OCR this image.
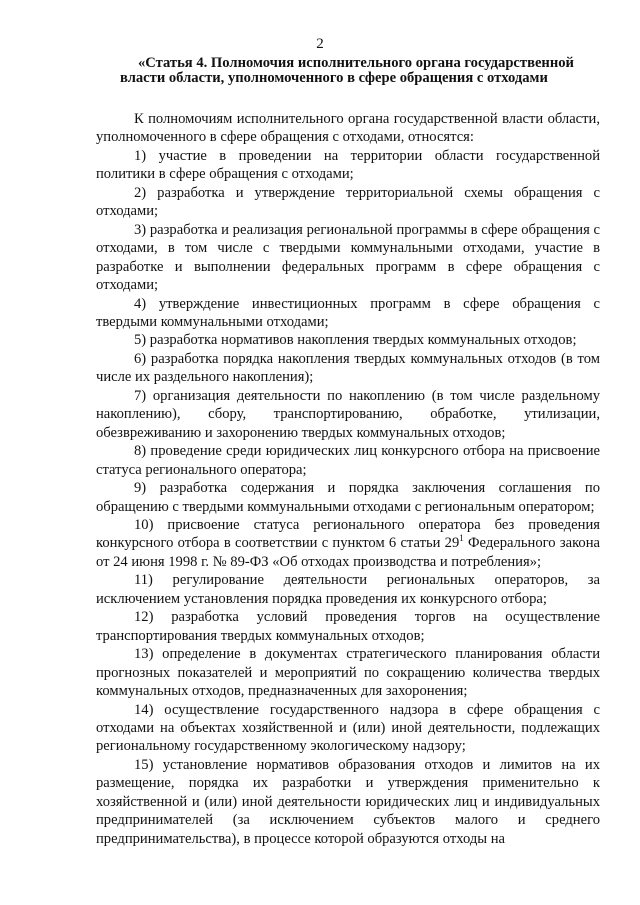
2
«Статья 4. Полномочия исполнительного органа государственной власти области, уполномоченного в сфере обращения с отходами

К полномочиям исполнительного органа государственной власти области, уполномоченного в сфере обращения с отходами, относятся:

1) участие в проведении на территории области государственной политики в сфере обращения с отходами;

2) разработка и утверждение территориальной схемы обращения с отходами;

3) разработка и реализация региональной программы в сфере обращения с отходами, в том числе с твердыми коммунальными отходами, участие в разработке и выполнении федеральных программ в сфере обращения с отходами;

4) утверждение инвестиционных программ в сфере обращения с твердыми коммунальными отходами;

5) разработка нормативов накопления твердых коммунальных отходов;

6) разработка порядка накопления твердых коммунальных отходов (в том числе их раздельного накопления);

7) организация деятельности по накоплению (в том числе раздельному накоплению), сбору, транспортированию, обработке, утилизации, обезвреживанию и захоронению твердых коммунальных отходов;

8) проведение среди юридических лиц конкурсного отбора на присвоение статуса регионального оператора;

9) разработка содержания и порядка заключения соглашения по обращению с твердыми коммунальными отходами с региональным оператором;

10) присвоение статуса регионального оператора без проведения конкурсного отбора в соответствии с пунктом 6 статьи $29^1$ Федерального закона от 24 июня 1998 г. № 89-ФЗ «Об отходах производства и потребления»;

11) регулирование деятельности региональных операторов, за исключением установления порядка проведения их конкурсного отбора;

12) разработка условий проведения торгов на осуществление транспортирования твердых коммунальных отходов;

13) определение в документах стратегического планирования области прогнозных показателей и мероприятий по сокращению количества твердых коммунальных отходов, предназначенных для захоронения;

14) осуществление государственного надзора в сфере обращения с отходами на объектах хозяйственной и (или) иной деятельности, подлежащих региональному государственному экологическому надзору;

15) установление нормативов образования отходов и лимитов на их размещение, порядка их разработки и утверждения применительно к хозяйственной и (или) иной деятельности юридических лиц и индивидуальных предпринимателей (за исключением субъектов малого и среднего предпринимательства), в процессе которой образуются отходы на
